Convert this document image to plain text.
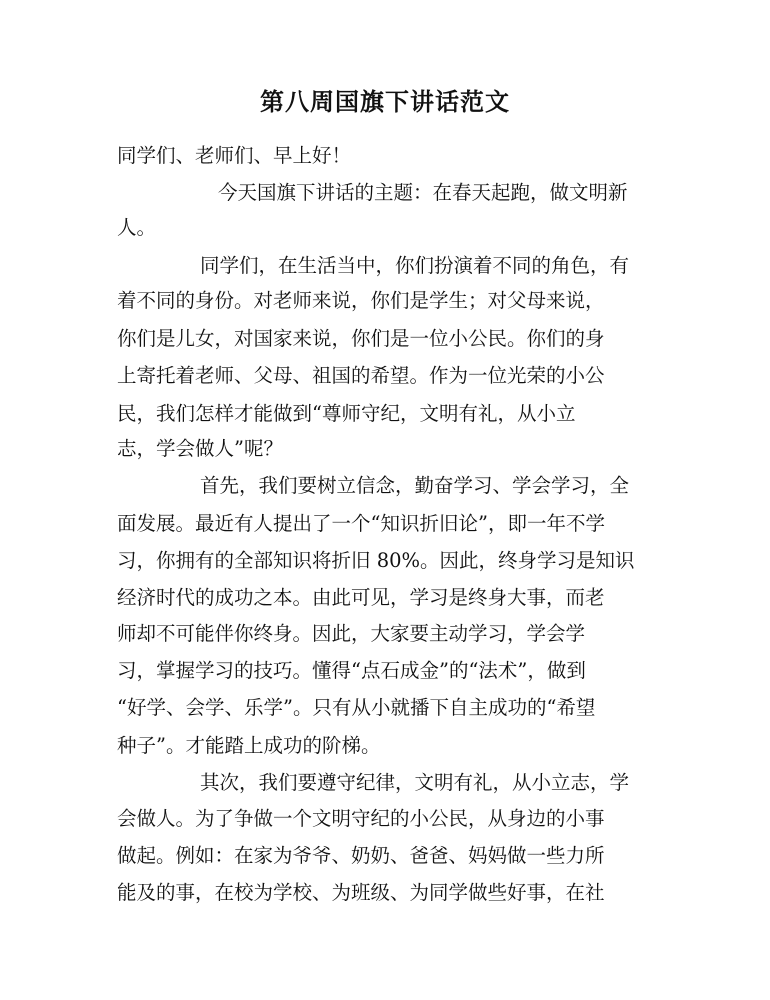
第八周国旗下讲话范文
同学们、老师们、早上好！
今天国旗下讲话的主题：在春天起跑，做文明新
人。
同学们，在生活当中，你们扮演着不同的角色，有
着不同的身份。对老师来说，你们是学生；对父母来说，
你们是儿女，对国家来说，你们是一位小公民。你们的身
上寄托着老师、父母、祖国的希望。作为一位光荣的小公
民，我们怎样才能做到“尊师守纪，文明有礼，从小立
志，学会做人”呢？
首先，我们要树立信念，勤奋学习、学会学习，全
面发展。最近有人提出了一个“知识折旧论”，即一年不学
习，你拥有的全部知识将折旧 80%。因此，终身学习是知识
经济时代的成功之本。由此可见，学习是终身大事，而老
师却不可能伴你终身。因此，大家要主动学习，学会学
习，掌握学习的技巧。懂得“点石成金”的“法术”，做到
“好学、会学、乐学”。只有从小就播下自主成功的“希望
种子”。才能踏上成功的阶梯。
其次，我们要遵守纪律，文明有礼，从小立志，学
会做人。为了争做一个文明守纪的小公民，从身边的小事
做起。例如：在家为爷爷、奶奶、爸爸、妈妈做一些力所
能及的事，在校为学校、为班级、为同学做些好事，在社
